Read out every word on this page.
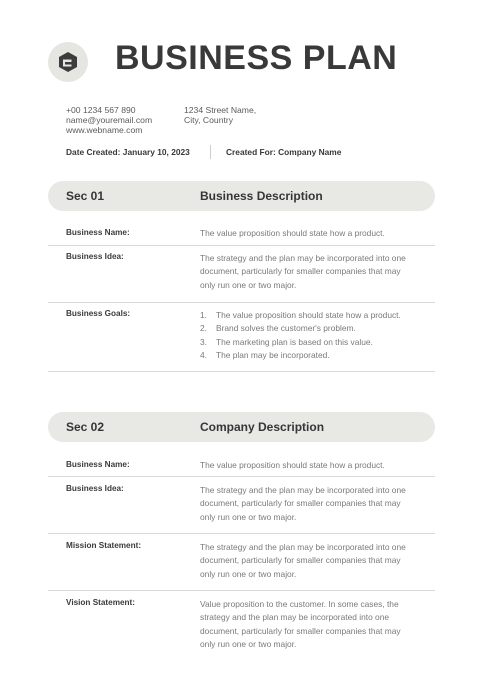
BUSINESS PLAN
+00 1234 567 890
name@youremail.com
www.webname.com
1234 Street Name,
City, Country
Date Created: January 10, 2023	Created For: Company Name
Sec 01	Business Description
Business Name:	The value proposition should state how a product.
Business Idea:	The strategy and the plan may be incorporated into one document, particularly for smaller companies that may only run one or two major.
Business Goals:	1. The value proposition should state how a product.
2. Brand solves the customer's problem.
3. The marketing plan is based on this value.
4. The plan may be incorporated.
Sec 02	Company Description
Business Name:	The value proposition should state how a product.
Business Idea:	The strategy and the plan may be incorporated into one document, particularly for smaller companies that may only run one or two major.
Mission Statement:	The strategy and the plan may be incorporated into one document, particularly for smaller companies that may only run one or two major.
Vision Statement:	Value proposition to the customer. In some cases, the strategy and the plan may be incorporated into one document, particularly for smaller companies that may only run one or two major.
